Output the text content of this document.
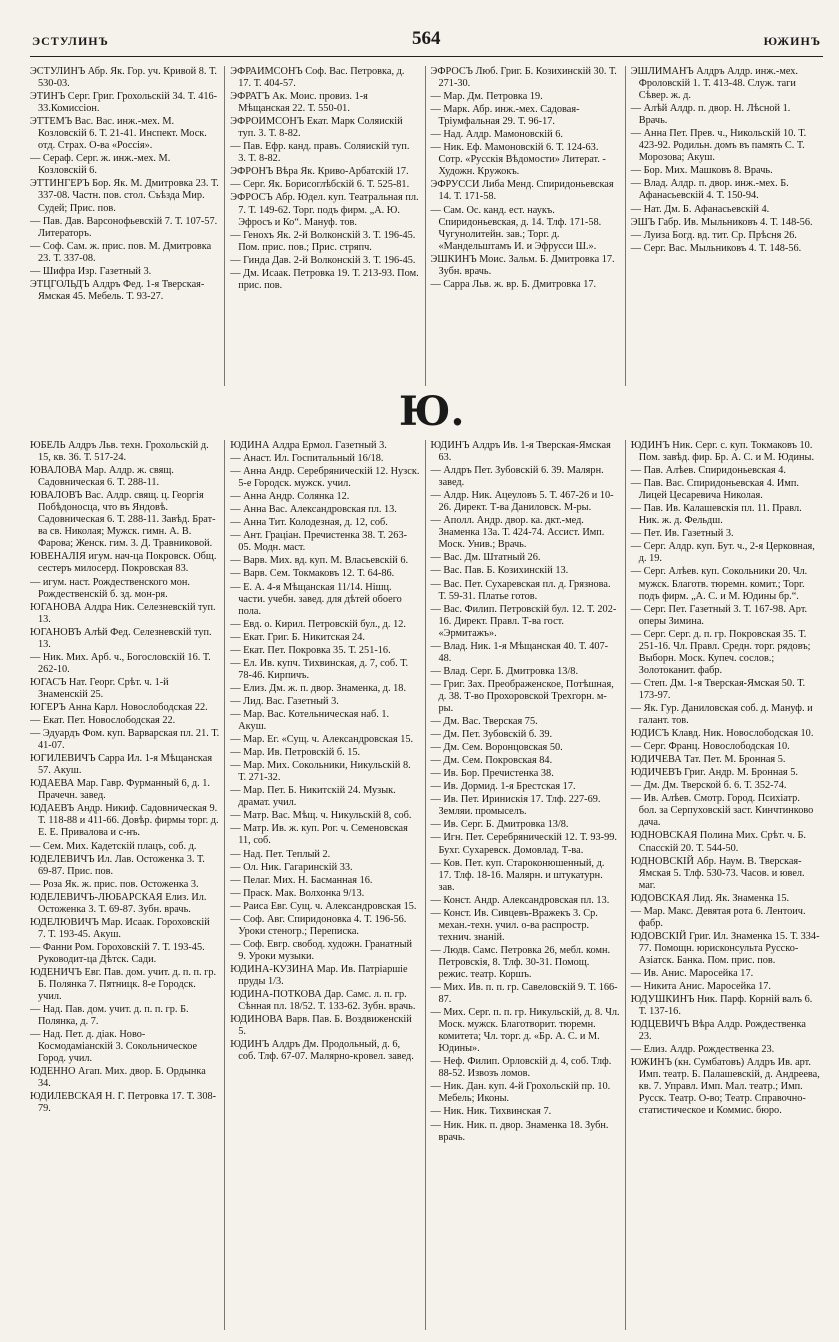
ЭСТУЛИНЪ	564	ЮЖИНЪ
ЭСТУЛИНЪ Абр. Як. Гор. уч. Кривой 8. Т. 530-03.
ЭТИНЪ Серг. Григ. Грохольскій 34. Т. 416-33.Комиссіон.
ЭТТЕМЪ Вас. Вас. инж.-мех. М. Козловскій 6. Т. 21-41. Инспект. Моск. отд. Страх. О-ва «Россія».
— Сераф. Серг. ж. инж.-мех. М. Козловскій 6.
ЭТТИНГЕРЪ Бор. Як. М. Дмитровка 23. Т. 337-08. Частн. пов. стол. Съѣзда Мир. Судей; Прис. пов.
— Пав. Дав. Варсонофьевскій 7. Т. 107-57. Литераторъ.
— Соф. Сам. ж. прис. пов. М. Дмитровка 23. Т. 337-08.
— Шифра Изр. Газетный 3.
ЭТЦГОЛЬДЪ Алдръ Фед. 1-я Тверская-Ямская 45. Мебель. Т. 93-27.
ЭФРАИМСОНЪ Соф. Вас. Петровка, д. 17. Т. 404-57.
ЭФРАТЪ Ак. Моис. провиз. 1-я Мѣщанская 22. Т. 550-01.
ЭФРОИМСОНЪ Екат. Марк Соляискій туп. 3. Т. 8-82.
— Пав. Ефр. канд. правъ. Соляискій туп. 3. Т. 8-82.
ЭФРОНЪ Вѣра Як. Криво-Арбатскій 17.
— Серг. Як. Борисоглѣбскій 6. Т. 525-81.
ЭФРОСЪ Абр. Юдел. куп. Театральная пл. 7. Т. 149-62. Торг. подъ фирм. „А. Ю. Эфросъ и Ко“. Мануф. тов.
— Геноxъ Як. 2-й Волконскій 3. Т. 196-45. Пом. прис. пов.; Прис. стряпч.
— Гинда Дав. 2-й Волконскій 3. Т. 196-45.
— Дм. Исаак. Петровка 19. Т. 213-93. Пом. прис. пов.
ЭФРОСЪ Люб. Григ. Б. Козихинскій 30. Т. 271-30.
— Мар. Дм. Петровка 19.
— Марк. Абр. инж.-мех. Садовая-Тріумфальная 29. Т. 96-17.
— Над. Алдр. Мамоновскій 6.
— Ник. Еф. Мамоновскій 6. Т. 124-63. Сотр. «Русскія Вѣдомости» Литерат. - Художн. Кружокъ.
ЭФРУССИ Либа Менд. Спиридоньевская 14. Т. 171-58.
— Сам. Ос. канд. ест. наукъ. Спиридоньевская, д. 14. Тлф. 171-58. Чугунолитейн. зав.; Торг. д. «Мандельштамъ И. и Эфрусси Ш.».
ЭШКИНЪ Моис. Зальм. Б. Дмитровка 17. Зубн. врачь.
— Сарра Льв. ж. вр. Б. Дмитровка 17.
ЭШЛИМАНЪ Алдръ Алдр. инж.-мех. Фроловскій 1. Т. 413-48. Служ. таги Сѣвер. ж. д.
— Алѣй Алдр. п. двор. Н. Лѣсной 1. Врачь.
— Анна Пет. Прев. ч., Никольскій 10. Т. 423-92. Родильн. домъ въ память С. Т. Морозова; Акуш.
— Бор. Мих. Машковъ 8. Врачь.
— Влад. Алдр. п. двор. инж.-мех. Б. Афанасьевскій 4. Т. 150-94.
— Нат. Дм. Б. Афанасьевскій 4.
ЭШЪ Габр. Ив. Мыльниковъ 4. Т. 148-56.
— Луиза Богд. вд. тит. Ср. Прѣсня 26.
— Серг. Вас. Мыльниковъ 4. Т. 148-56.
Ю.
ЮБЕЛЬ Алдръ Льв. техн. Грохольскій д. 15, кв. 36. Т. 517-24.
ЮВАЛОВА Мар. Алдр. ж. свящ. Садовническая 6. Т. 288-11.
ЮВАЛОВЪ Вас. Алдр. свящ. ц. Георгія Побѣдоносца, что въ Яндовѣ. Садовническая 6. Т. 288-11. Завѣд. Брат-ва св. Николая; Мужск. гимн. А. В. Фарова; Женск. гим. 3. Д. Травниковой.
ЮВЕНАЛІЯ игум. нач-ца Покровск. Общ. сестеръ милосерд. Покровская 83.
— игум. наст. Рождественского мон. Рождественскій б. зд. мон-ря.
ЮГАНОВА Алдра Ник. Селезневскій туп. 13.
ЮГАНОВЪ Алѣй Фед. Селезневскій туп. 13.
— Ник. Мих. Арб. ч., Богословскій 16. Т. 262-10.
ЮГАСЪ Нат. Георг. Срѣт. ч. 1-й Знаменскій 25.
ЮГЕРЪ Анна Карл. Новослободская 22.
— Екат. Пет. Новослободская 22.
— Эдуардъ Фом. куп. Варварская пл. 21. Т. 41-07.
ЮГИЛЕВИЧЪ Сарра Ил. 1-я Мѣщанская 57. Акуш.
ЮДАЕВА Мар. Гавр. Фурманный 6, д. 1. Прачечн. завед.
ЮДАЕВЪ Андр. Никиф. Садовническая 9. Т. 118-88 и 411-66. Довѣр. фирмы торг. д. Е. Е. Привалова и с-нъ.
— Сем. Мих. Кадетскій плацъ, соб. д.
ЮДЕЛЕВИЧЪ Ил. Лав. Остоженка 3. Т. 69-87. Прис. пов.
— Роза Як. ж. прис. пов. Остоженка 3.
ЮДЕЛЕВИЧЪ-ЛЮБАРСКАЯ Елиз. Ил. Остоженка 3. Т. 69-87. Зубн. врачь.
ЮДЕЛЮВИЧЪ Мар. Исаак. Гороховскій 7. Т. 193-45. Акуш.
— Фанни Ром. Гороховскій 7. Т. 193-45. Руководит-ца Дѣтск. Сади.
ЮДЕНИЧЪ Евг. Пав. дом. учит. д. п. п. гр. Б. Полянка 7. Пятницк. 8-е Городск. учил.
— Над. Пав. дом. учит. д. п. п. гр. Б. Полянка, д. 7.
— Над. Пет. д. діак. Ново-Космодаміанскій 3. Сокольническое Город. учил.
ЮДЕННО Агап. Мих. двор. Б. Ордынка 34.
ЮДИЛЕВСКАЯ Н. Г. Петровка 17. Т. 308-79.
ЮДИНА Алдра Ермол. Газетный 3.
— Анаст. Ил. Госпитальный 16/18.
— Анна Андр. Серебряническій 12. Нузск. 5-е Городск. мужск. учил.
— Анна Андр. Солянка 12.
— Анна Вас. Александровская пл. 13.
— Анна Тит. Колодезная, д. 12, соб.
— Ант. Граціан. Пречистенка 38. Т. 263-05. Модн. маст.
— Варв. Мих. вд. куп. М. Власьевскій 6.
— Варв. Сем. Токмаковъ 12. Т. 64-86.
— Е. А. 4-я Мѣщанская 11/14. Нішц. части. учебн. завед. для дѣтей обоего пола.
— Евд. о. Кирил. Петровскій бул., д. 12.
— Екат. Григ. Б. Никитская 24.
— Екат. Пет. Покровка 35. Т. 251-16.
— Ел. Ив. купч. Тихвинская, д. 7, соб. Т. 78-46. Кирпичъ.
— Елиз. Дм. ж. п. двор. Знаменка, д. 18.
— Лид. Вас. Газетный 3.
— Мар. Вас. Котельническая наб. 1. Акуш.
— Мар. Ег. «Сущ. ч. Александровская 15.
— Мар. Ив. Петровскій б. 15.
— Мар. Мих. Сокольники, Никульскій 8. Т. 271-32.
— Мар. Пет. Б. Никитскій 24. Музык. драмат. учил.
— Матр. Вас. Мѣщ. ч. Никульскій 8, соб.
— Матр. Ив. ж. куп. Рог. ч. Семеновская 11, соб.
— Над. Пет. Теплый 2.
— Ол. Ник. Гагаринскій 33.
— Пелаг. Мих. Н. Басманная 16.
— Праск. Мак. Волхонка 9/13.
— Раиса Евг. Сущ. ч. Александровская 15.
— Соф. Авг. Спиридоновка 4. Т. 196-56. Уроки стеногр.; Переписка.
— Соф. Евгр. свобод. художн. Гранатный 9. Уроки музыки.
ЮДИНА-КУЗИНА Мар. Ив. Патріаршіе пруды 1/3.
ЮДИНА-ПОТКОВА Дар. Самс. л. п. гр. Сѣнная пл. 18/52. Т. 133-62. Зубн. врачь.
ЮДИНОВА Варв. Пав. Б. Воздвиженскій 5.
ЮДИНЪ Алдръ Дм. Продольный, д. 6, соб. Тлф. 67-07. Малярно-кровел. завед.
ЮДИНЪ Алдръ Ив. 1-я Тверская-Ямская 63.
— Алдръ Пет. Зубовскій 6. 39. Малярн. завед.
— Алдр. Ник. Ацеуловъ 5. Т. 467-26 и 10-26. Директ. Т-ва Даниловск. М-ры.
— Аполл. Андр. двор. ка. дкт.-мед. Знаменка 13а. Т. 424-74. Ассист. Имп. Моск. Унив.; Врачь.
— Вас. Дм. Штатный 26.
— Вас. Пав. Б. Козихинскій 13.
— Вас. Пет. Сухаревская пл. д. Грязнова. Т. 59-31. Платье готов.
— Вас. Филип. Петровскій бул. 12. Т. 202-16. Директ. Правл. Т-ва гост. «Эрмитажъ».
— Влад. Ник. 1-я Мѣщанская 40. Т. 407-48.
— Влад. Серг. Б. Дмитровка 13/8.
— Григ. Зах. Преображенское, Потѣшная, д. 38. Т-во Прохоровской Трехгорн. м-ры.
— Дм. Вас. Тверская 75.
— Дм. Пет. Зубовскій б. 39.
— Дм. Сем. Воронцовская 50.
— Дм. Сем. Покровская 84.
— Ив. Бор. Пречистенка 38.
— Ив. Дормид. 1-я Брестская 17.
— Ив. Пет. Иринискія 17. Тлф. 227-69. Земляи. промыселъ.
— Ив. Серг. Б. Дмитровка 13/8.
— Игн. Пет. Серебряническій 12. Т. 93-99. Бухг. Сухаревск. Домовлад. Т-ва.
— Ков. Пет. куп. Староконюшенный, д. 17. Тлф. 18-16. Малярн. и штукатурн. зав.
— Конст. Андр. Александровская пл. 13.
— Конст. Ив. Сивцевъ-Вражекъ 3. Ср. механ.-техн. учил. о-ва распростр. технич. знаній.
— Людв. Самс. Петровка 26, мебл. комн. Петровскія, 8. Тлф. 30-31. Помощ. режис. театр. Коршъ.
— Мих. Ив. п. п. гр. Савеловскій 9. Т. 166-87.
— Мих. Серг. п. п. гр. Никульскій, д. 8. Чл. Моск. мужск. Благотворит. тюремн. комитета; Чл. торг. д. «Бр. А. С. и М. Юдины».
— Неф. Филип. Орловскій д. 4, соб. Тлф. 88-52. Извозъ ломов.
— Ник. Дан. куп. 4-й Грохольскій пр. 10. Мебель; Иконы.
— Ник. Ник. Тихвинская 7.
— Ник. Ник. п. двор. Знаменка 18. Зубн. врачь.
ЮДИНЪ Ник. Серг. с. куп. Токмаковъ 10. Пом. завѣд. фир. Бр. А. С. и М. Юдины.
— Пав. Алѣев. Спиридоньевская 4.
— Пав. Вас. Спиридоньевская 4. Имп. Лицей Цесаревича Николая.
— Пав. Ив. Калашевскія пл. 11. Правл. Ник. ж. д. Фельдш.
— Пет. Ив. Газетный 3.
— Серг. Алдр. куп. Бут. ч., 2-я Церковная, д. 19.
— Серг. Алѣев. куп. Сокольники 20. Чл. мужск. Благотв. тюремн. комит.; Торг. подъ фирм. „А. С. и М. Юдины бр.“.
— Серг. Пет. Газетный 3. Т. 167-98. Арт. оперы Зимина.
— Серг. Серг. д. п. гр. Покровская 35. Т. 251-16. Чл. Правл. Средн. торг. рядовъ; Выборн. Моск. Купеч. сослов.; Золотоканит. фабр.
— Степ. Дм. 1-я Тверская-Ямская 50. Т. 173-97.
— Як. Гур. Даниловская соб. д. Мануф. и галант. тов.
ЮДИСЪ Клавд. Ник. Новослободская 10.
— Серг. Франц. Новослободская 10.
ЮДИЧЕВА Тат. Пет. М. Бронная 5.
ЮДИЧЕВЪ Григ. Андр. М. Бронная 5.
— Дм. Дм. Тверской б. 6. Т. 352-74.
— Ив. Алѣев. Смотр. Город. Психіатр. бол. за Серпуховскій заст. Кинчтинково дача.
ЮДНОВСКАЯ Полина Мих. Срѣт. ч. Б. Спасскій 20. Т. 544-50.
ЮДНОВСКІЙ Абр. Наум. В. Тверская-Ямская 5. Тлф. 530-73. Часов. и ювел. маг.
ЮДОВСКАЯ Лид. Як. Знаменка 15.
— Мар. Макс. Девятая рота 6. Лентоич. фабр.
ЮДОВСКІЙ Григ. Ил. Знаменка 15. Т. 334-77. Помощн. юрисконсульта Русско-Азіатск. Банка. Пом. прис. пов.
— Ив. Анис. Маросейка 17.
— Никита Анис. Маросейка 17.
ЮДУШКИНЪ Ник. Парф. Корній валъ 6. Т. 137-16.
ЮДЦЕВИЧЪ Вѣра Алдр. Рождественка 23.
— Елиз. Алдр. Рождественка 23.
ЮЖИНЪ (кн. Сумбатовъ) Алдръ Ив. арт. Имп. театр. Б. Палашевскій, д. Андреева, кв. 7. Управл. Имп. Мал. театр.; Имп. Русск. Театр. О-во; Театр. Справочно-статистическое и Коммис. бюро.
